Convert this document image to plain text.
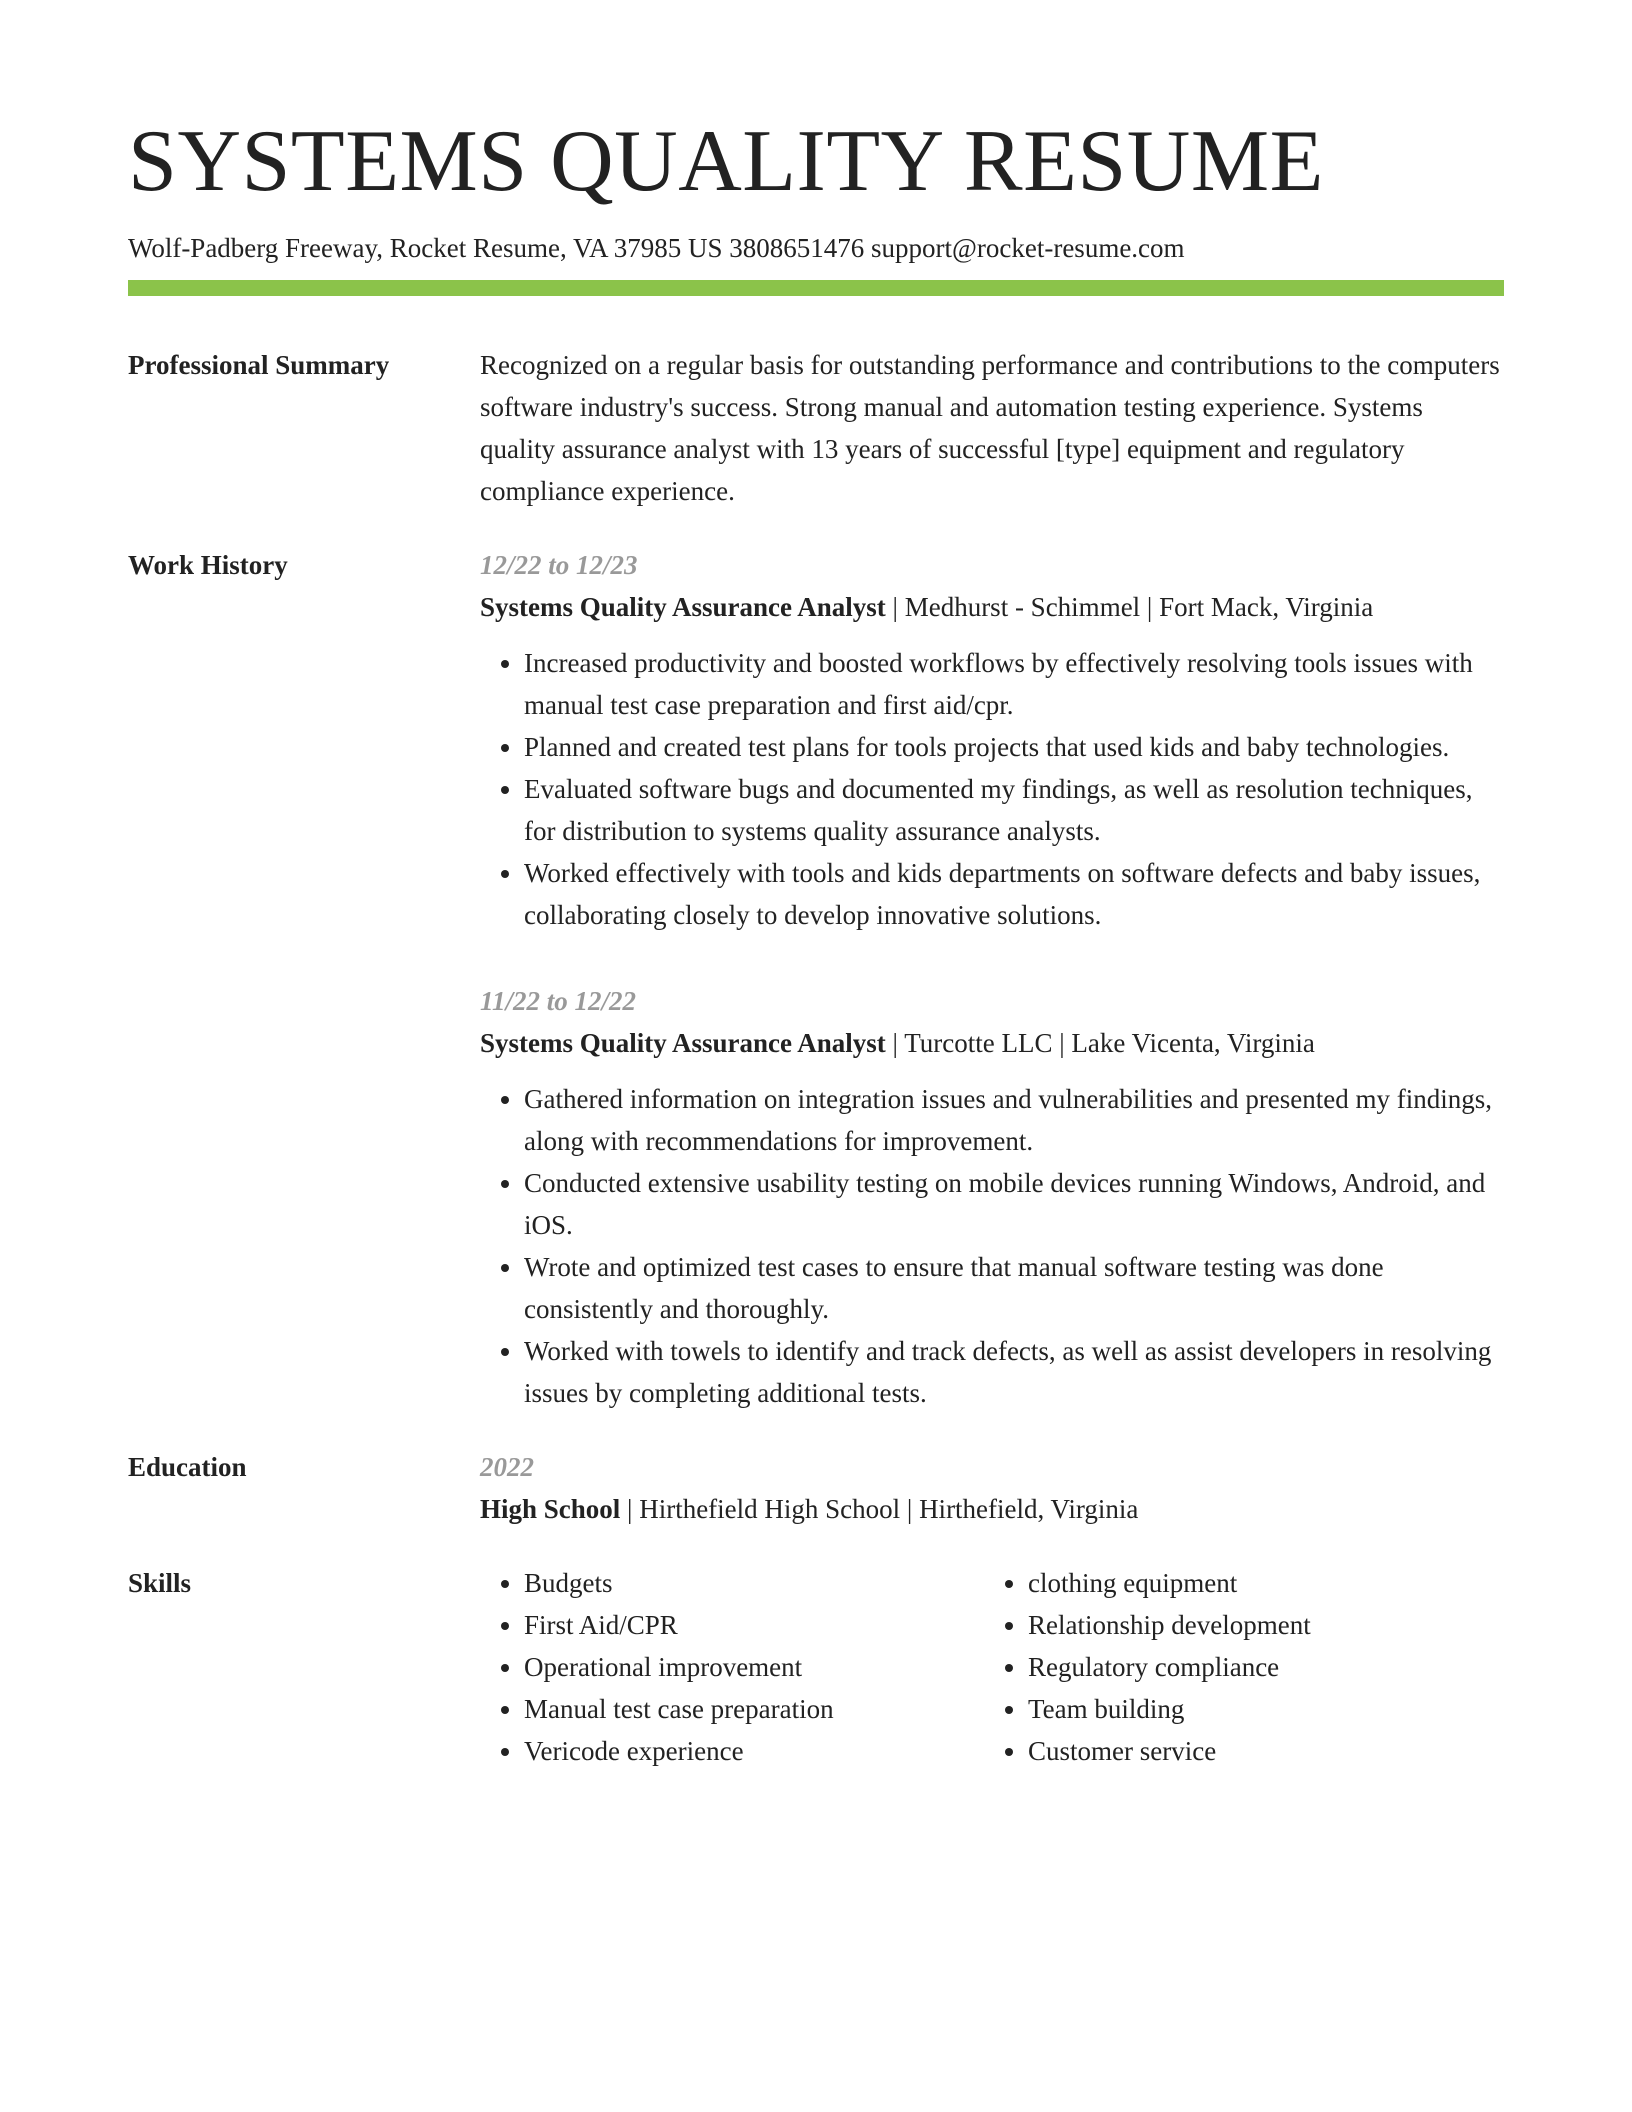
SYSTEMS QUALITY RESUME
Wolf-Padberg Freeway, Rocket Resume, VA 37985 US 3808651476 support@rocket-resume.com
Professional Summary	Recognized on a regular basis for outstanding performance and contributions to the computers software industry's success. Strong manual and automation testing experience. Systems quality assurance analyst with 13 years of successful [type] equipment and regulatory compliance experience.
Work History	12/22 to 12/23
Systems Quality Assurance Analyst | Medhurst - Schimmel | Fort Mack, Virginia
• Increased productivity and boosted workflows by effectively resolving tools issues with manual test case preparation and first aid/cpr.
• Planned and created test plans for tools projects that used kids and baby technologies.
• Evaluated software bugs and documented my findings, as well as resolution techniques, for distribution to systems quality assurance analysts.
• Worked effectively with tools and kids departments on software defects and baby issues, collaborating closely to develop innovative solutions.
11/22 to 12/22
Systems Quality Assurance Analyst | Turcotte LLC | Lake Vicenta, Virginia
• Gathered information on integration issues and vulnerabilities and presented my findings, along with recommendations for improvement.
• Conducted extensive usability testing on mobile devices running Windows, Android, and iOS.
• Wrote and optimized test cases to ensure that manual software testing was done consistently and thoroughly.
• Worked with towels to identify and track defects, as well as assist developers in resolving issues by completing additional tests.
Education	2022
High School | Hirthefield High School | Hirthefield, Virginia
Skills
•	Budgets
• First Aid/CPR
• Operational improvement
• Manual test case preparation
• Vericode experience
• clothing equipment
• Relationship development
• Regulatory compliance
• Team building
• Customer service
